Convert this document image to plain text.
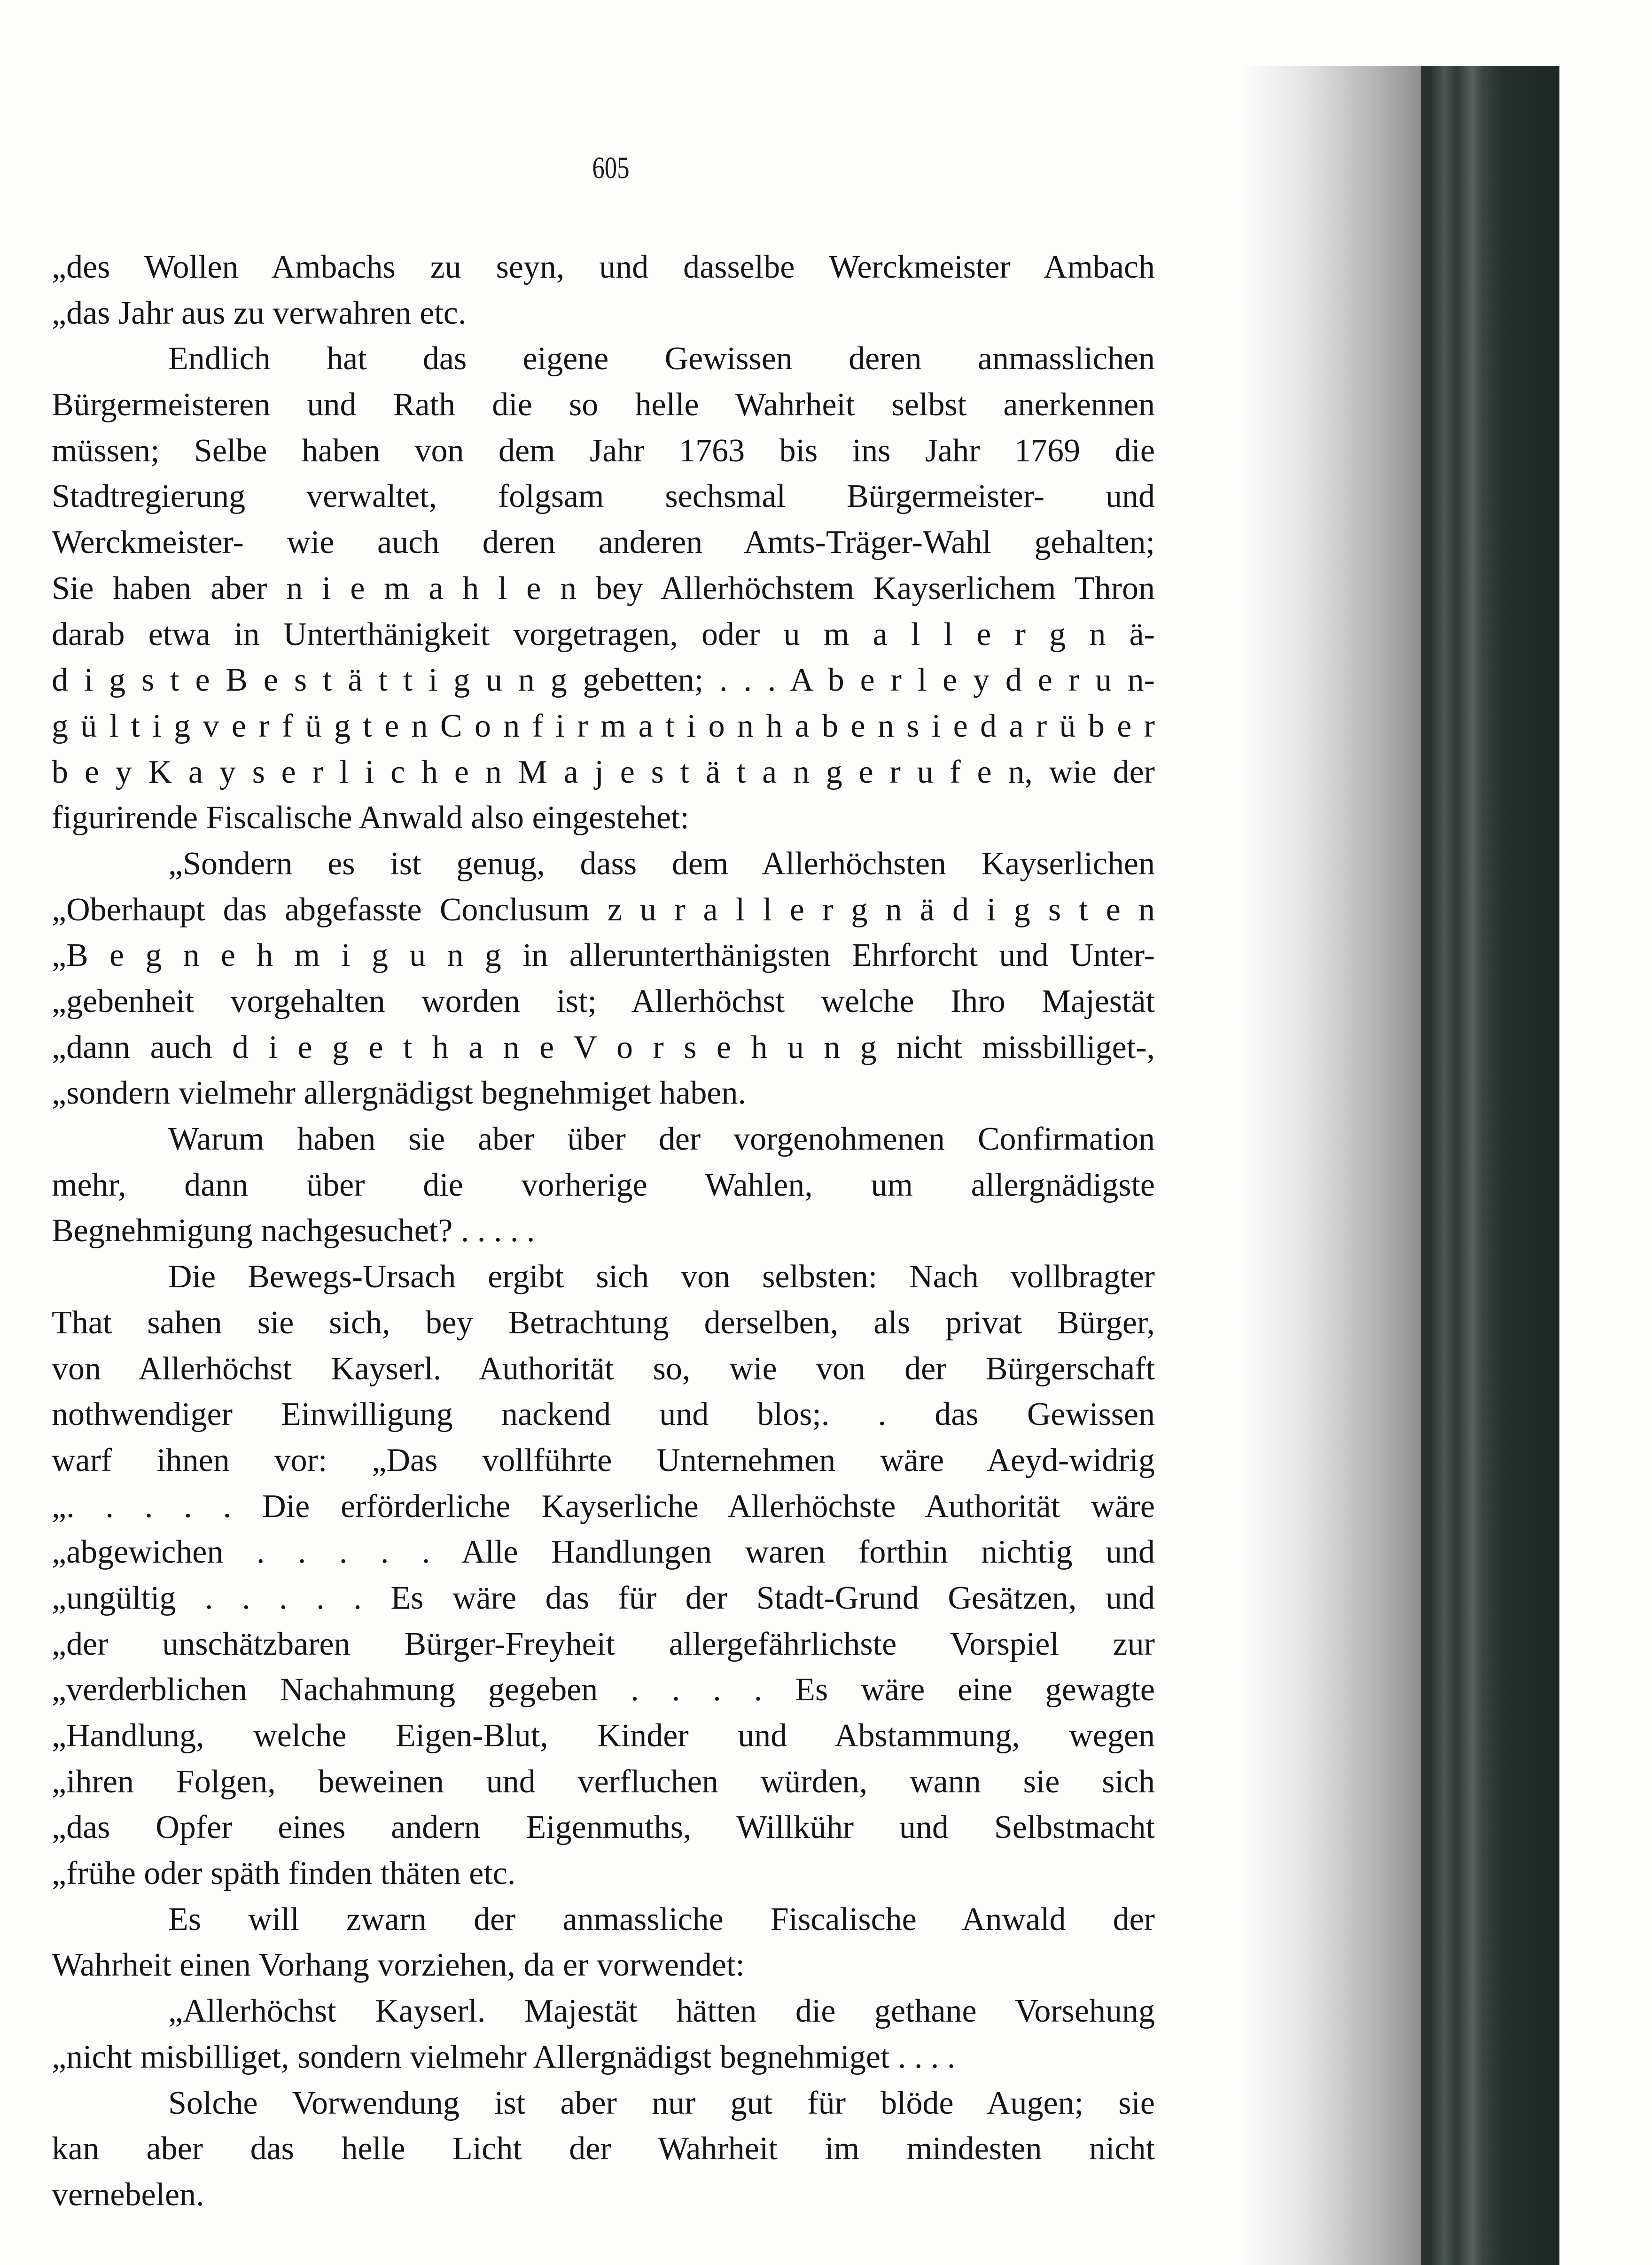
605
„des Wollen Ambachs zu seyn, und dasselbe Werckmeister Ambach
„das Jahr aus zu verwahren etc.
Endlich hat das eigene Gewissen deren anmasslichen
Bürgermeisteren und Rath die so helle Wahrheit selbst anerkennen
müssen; Selbe haben von dem Jahr 1763 bis ins Jahr 1769 die
Stadtregierung verwaltet, folgsam sechsmal Bürgermeister- und
Werckmeister- wie auch deren anderen Amts-Träger-Wahl gehalten;
Sie haben aber n i e m a h l e n bey Allerhöchstem Kayserlichem Thron
darab etwa in Unterthänigkeit vorgetragen, oder u m a l l e r g n ä-
d i g s t e B e s t ä t t i g u n g gebetten; . . . A b e r l e y d e r u n-
g ü l t i g v e r f ü g t e n C o n f i r m a t i o n h a b e n s i e d a r ü b e r
b e y K a y s e r l i c h e n M a j e s t ä t a n g e r u f e n, wie der
figurirende Fiscalische Anwald also eingestehet:
„Sondern es ist genug, dass dem Allerhöchsten Kayserlichen
„Oberhaupt das abgefasste Conclusum z u r a l l e r g n ä d i g s t e n
„B e g n e h m i g u n g in allerunterthänigsten Ehrforcht und Unter-
„gebenheit vorgehalten worden ist; Allerhöchst welche Ihro Majestät
„dann auch d i e g e t h a n e V o r s e h u n g nicht missbilliget-,
„sondern vielmehr allergnädigst begnehmiget haben.
Warum haben sie aber über der vorgenohmenen Confirmation
mehr, dann über die vorherige Wahlen, um allergnädigste
Begnehmigung nachgesuchet? . . . . .
Die Bewegs-Ursach ergibt sich von selbsten: Nach vollbragter
That sahen sie sich, bey Betrachtung derselben, als privat Bürger,
von Allerhöchst Kayserl. Authorität so, wie von der Bürgerschaft
nothwendiger Einwilligung nackend und blos;. . das Gewissen
warf ihnen vor: „Das vollführte Unternehmen wäre Aeyd-widrig
„. . . . . Die erförderliche Kayserliche Allerhöchste Authorität wäre
„abgewichen . . . . . Alle Handlungen waren forthin nichtig und
„ungültig . . . . . Es wäre das für der Stadt-Grund Gesätzen, und
„der unschätzbaren Bürger-Freyheit allergefährlichste Vorspiel zur
„verderblichen Nachahmung gegeben . . . . Es wäre eine gewagte
„Handlung, welche Eigen-Blut, Kinder und Abstammung, wegen
„ihren Folgen, beweinen und verfluchen würden, wann sie sich
„das Opfer eines andern Eigenmuths, Willkühr und Selbstmacht
„frühe oder späth finden thäten etc.
Es will zwarn der anmassliche Fiscalische Anwald der
Wahrheit einen Vorhang vorziehen, da er vorwendet:
„Allerhöchst Kayserl. Majestät hätten die gethane Vorsehung
„nicht misbilliget, sondern vielmehr Allergnädigst begnehmiget . . . .
Solche Vorwendung ist aber nur gut für blöde Augen; sie
kan aber das helle Licht der Wahrheit im mindesten nicht
vernebelen.
